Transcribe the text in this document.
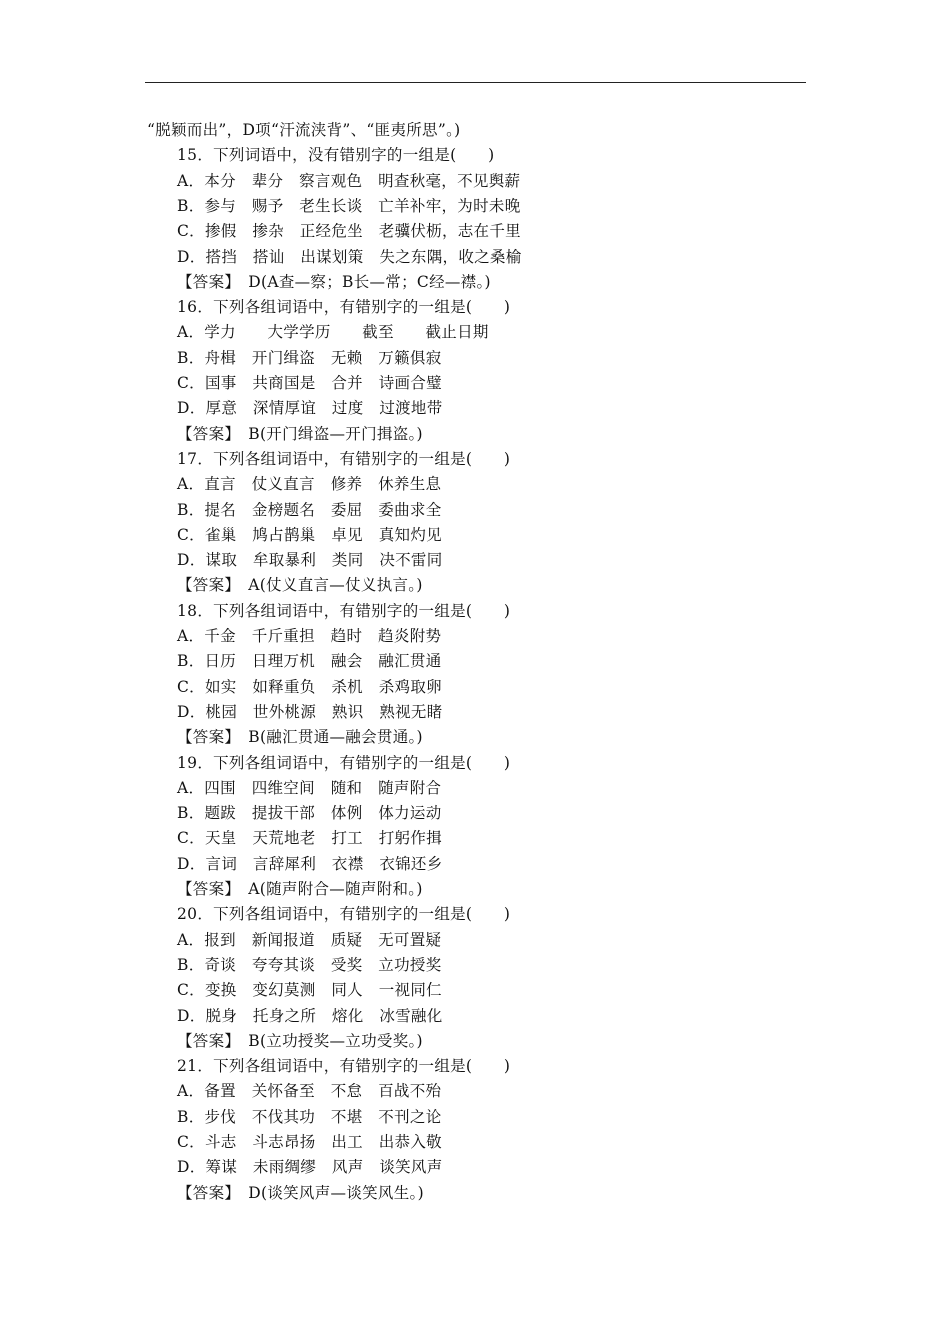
“脱颖而出”，D项“汗流浃背”、“匪夷所思”。)
15．下列词语中，没有错别字的一组是(　　)
A．本分　辈分　察言观色　明查秋毫，不见舆薪
B．参与　赐予　老生长谈　亡羊补牢，为时未晚
C．掺假　掺杂　正经危坐　老骥伏枥，志在千里
D．搭挡　搭讪　出谋划策　失之东隅，收之桑榆
【答案】　D(A查—察；B长—常；C经—襟。)
16．下列各组词语中，有错别字的一组是(　　)
A．学力　　大学学历　　截至　　截止日期
B．舟楫　开门缉盗　无赖　万籁俱寂
C．国事　共商国是　合并　诗画合璧
D．厚意　深情厚谊　过度　过渡地带
【答案】　B(开门缉盗—开门揖盗。)
17．下列各组词语中，有错别字的一组是(　　)
A．直言　仗义直言　修养　休养生息
B．提名　金榜题名　委屈　委曲求全
C．雀巢　鸠占鹊巢　卓见　真知灼见
D．谋取　牟取暴利　类同　决不雷同
【答案】　A(仗义直言—仗义执言。)
18．下列各组词语中，有错别字的一组是(　　)
A．千金　千斤重担　趋时　趋炎附势
B．日历　日理万机　融会　融汇贯通
C．如实　如释重负　杀机　杀鸡取卵
D．桃园　世外桃源　熟识　熟视无睹
【答案】　B(融汇贯通—融会贯通。)
19．下列各组词语中，有错别字的一组是(　　)
A．四围　四维空间　随和　随声附合
B．题跋　提拔干部　体例　体力运动
C．天皇　天荒地老　打工　打躬作揖
D．言词　言辞犀利　衣襟　衣锦还乡
【答案】　A(随声附合—随声附和。)
20．下列各组词语中，有错别字的一组是(　　)
A．报到　新闻报道　质疑　无可置疑
B．奇谈　夸夸其谈　受奖　立功授奖
C．变换　变幻莫测　同人　一视同仁
D．脱身　托身之所　熔化　冰雪融化
【答案】　B(立功授奖—立功受奖。)
21．下列各组词语中，有错别字的一组是(　　)
A．备置　关怀备至　不怠　百战不殆
B．步伐　不伐其功　不堪　不刊之论
C．斗志　斗志昂扬　出工　出恭入敬
D．筹谋　未雨绸缪　风声　谈笑风声
【答案】　D(谈笑风声—谈笑风生。)
